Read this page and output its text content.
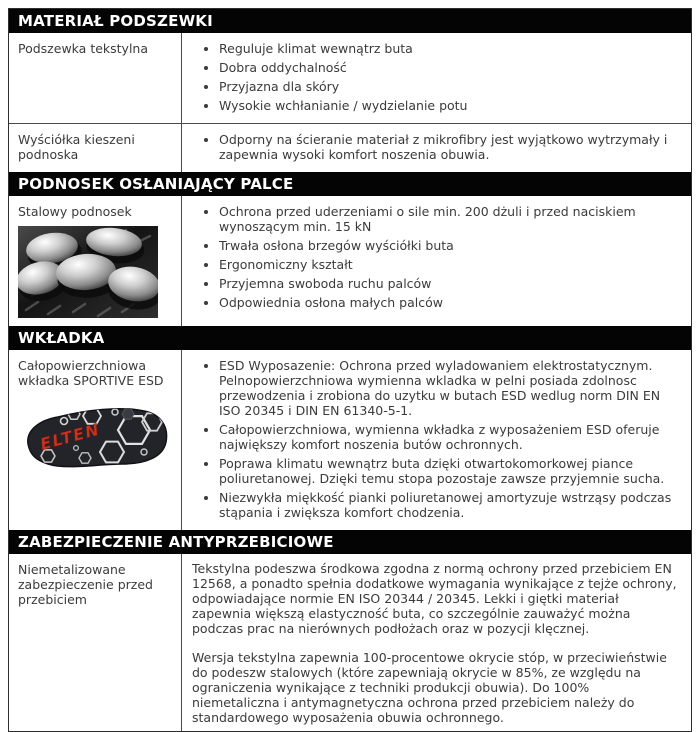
MATERIAŁ PODSZEWKI
Podszewka tekstylna	• Reguluje klimat wewnątrz buta
• Dobra oddychalność
• Przyjazna dla skóry
• Wysokie wchłanianie / wydzielanie potu
Wyściółka kieszeni podnoska
• Odporny na ścieranie materiał z mikrofibry jest wyjątkowo wytrzymały i zapewnia wysoki komfort noszenia obuwia.
PODNOSEK OSŁANIAJĄCY PALCE
Stalowy podnosek	• Ochrona przed uderzeniami o sile min. 200 dżuli i przed naciskiem wynoszącym min. 15 kN
• Trwała osłona brzegów wyściółki buta
• Ergonomiczny kształt
• Przyjemna swoboda ruchu palców
• Odpowiednia osłona małych palców
WKŁADKA
Całopowierzchniowa wkładka SPORTIVE ESD
ELTEN
• ESD Wyposazenie: Ochrona przed wyladowaniem elektrostatycznym. Pelnopowierzchniowa wymienna wkladka w pelni posiada zdolnosc przewodzenia i zrobiona do uzytku w butach ESD wedlug norm DIN EN ISO 20345 i DIN EN 61340-5-1.
• Całopowierzchniowa, wymienna wkładka z wyposażeniem ESD oferuje największy komfort noszenia butów ochronnych.
• Poprawa klimatu wewnątrz buta dzięki otwartokomorkowej piance poliuretanowej. Dzięki temu stopa pozostaje zawsze przyjemnie sucha.
• Niezwykła miękkość pianki poliuretanowej amortyzuje wstrząsy podczas stąpania i zwiększa komfort chodzenia.
ZABEZPIECZENIE ANTYPRZEBICIOWE
Niemetalizowane zabezpieczenie przed przebiciem

Tekstylna podeszwa środkowa zgodna z normą ochrony przed przebiciem EN 12568, a ponadto spełnia dodatkowe wymagania wynikające z tejże ochrony, odpowiadające normie EN ISO 20344 / 20345. Lekki i giętki materiał zapewnia większą elastyczność buta, co szczególnie zauważyć można podczas prac na nierównych podłożach oraz w pozycji klęcznej.

Wersja tekstylna zapewnia 100-procentowe okrycie stóp, w przeciwieństwie do podeszw stalowych (które zapewniają okrycie w 85%, ze względu na ograniczenia wynikające z techniki produkcji obuwia). Do 100% niemetaliczna i antymagnetyczna ochrona przed przebiciem należy do standardowego wyposażenia obuwia ochronnego.
